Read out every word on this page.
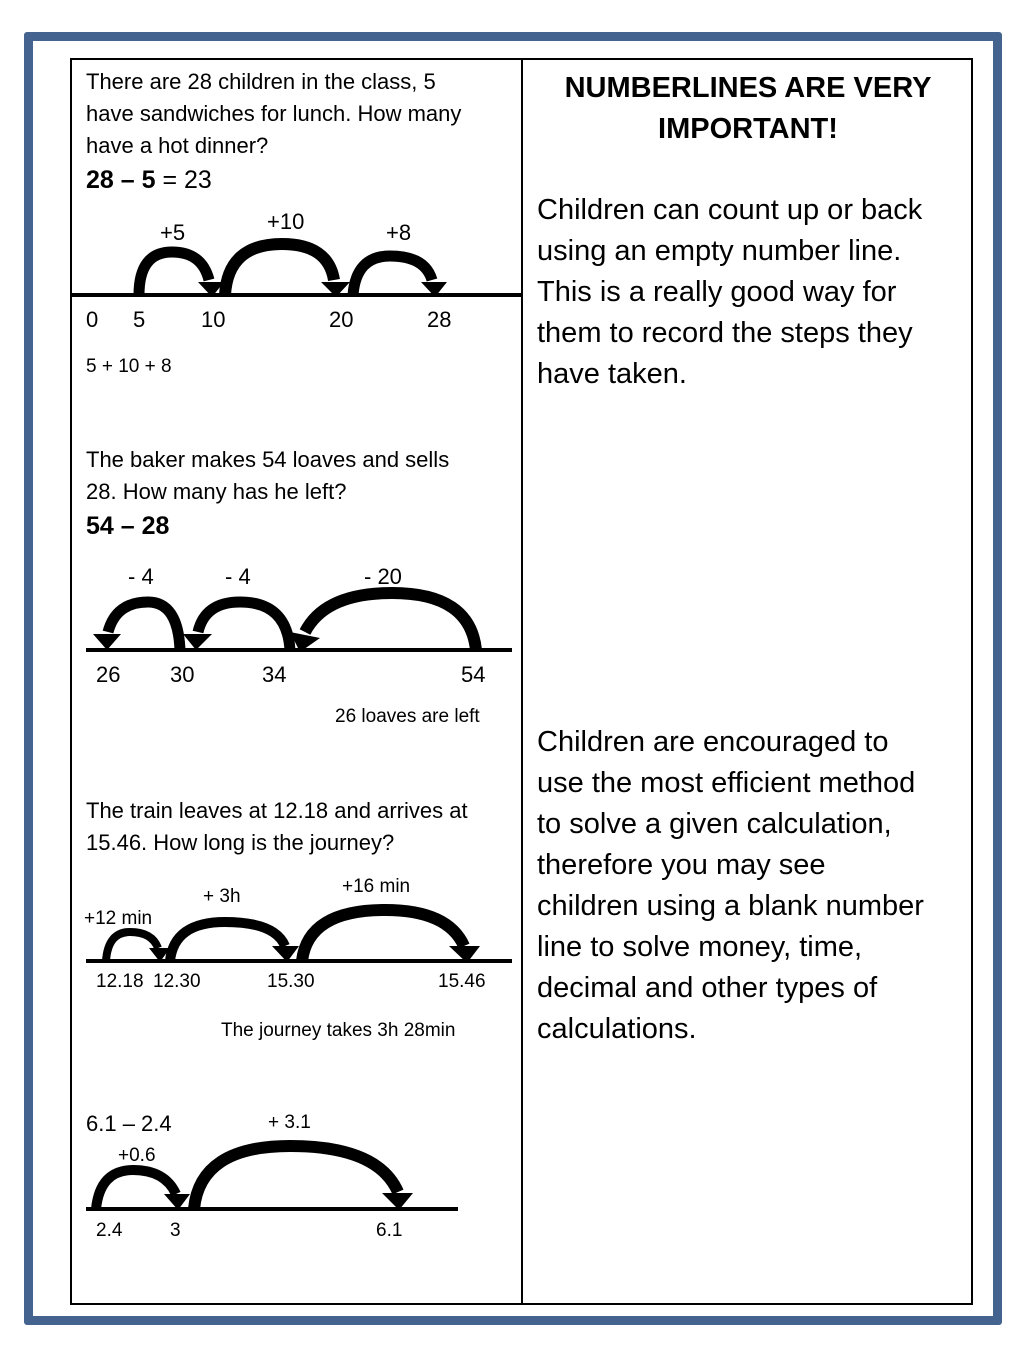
There are 28 children in the class, 5
have sandwiches for lunch. How many
have a hot dinner?
28 – 5 = 23
+5	+10	+8
0 5	10	20	28
5 + 10 + 8
The baker makes 54 loaves and sells
28. How many has he left?
54 – 28
- 4	- 4	- 20
26 30	34	54
26 loaves are left
The train leaves at 12.18 and arrives at
15.46. How long is the journey?
+12 min
+ 3h	+16 min
12.18 12.30	15.30	15.46
The journey takes 3h 28min
6.1 – 2.4
+0.6
+ 3.1
2.4	3	6.1
NUMBERLINES ARE VERY
IMPORTANT!
Children can count up or back
using an empty number line.
This is a really good way for
them to record the steps they
have taken.
Children are encouraged to
use the most efficient method
to solve a given calculation,
therefore you may see
children using a blank number
line to solve money, time,
decimal and other types of
calculations.
